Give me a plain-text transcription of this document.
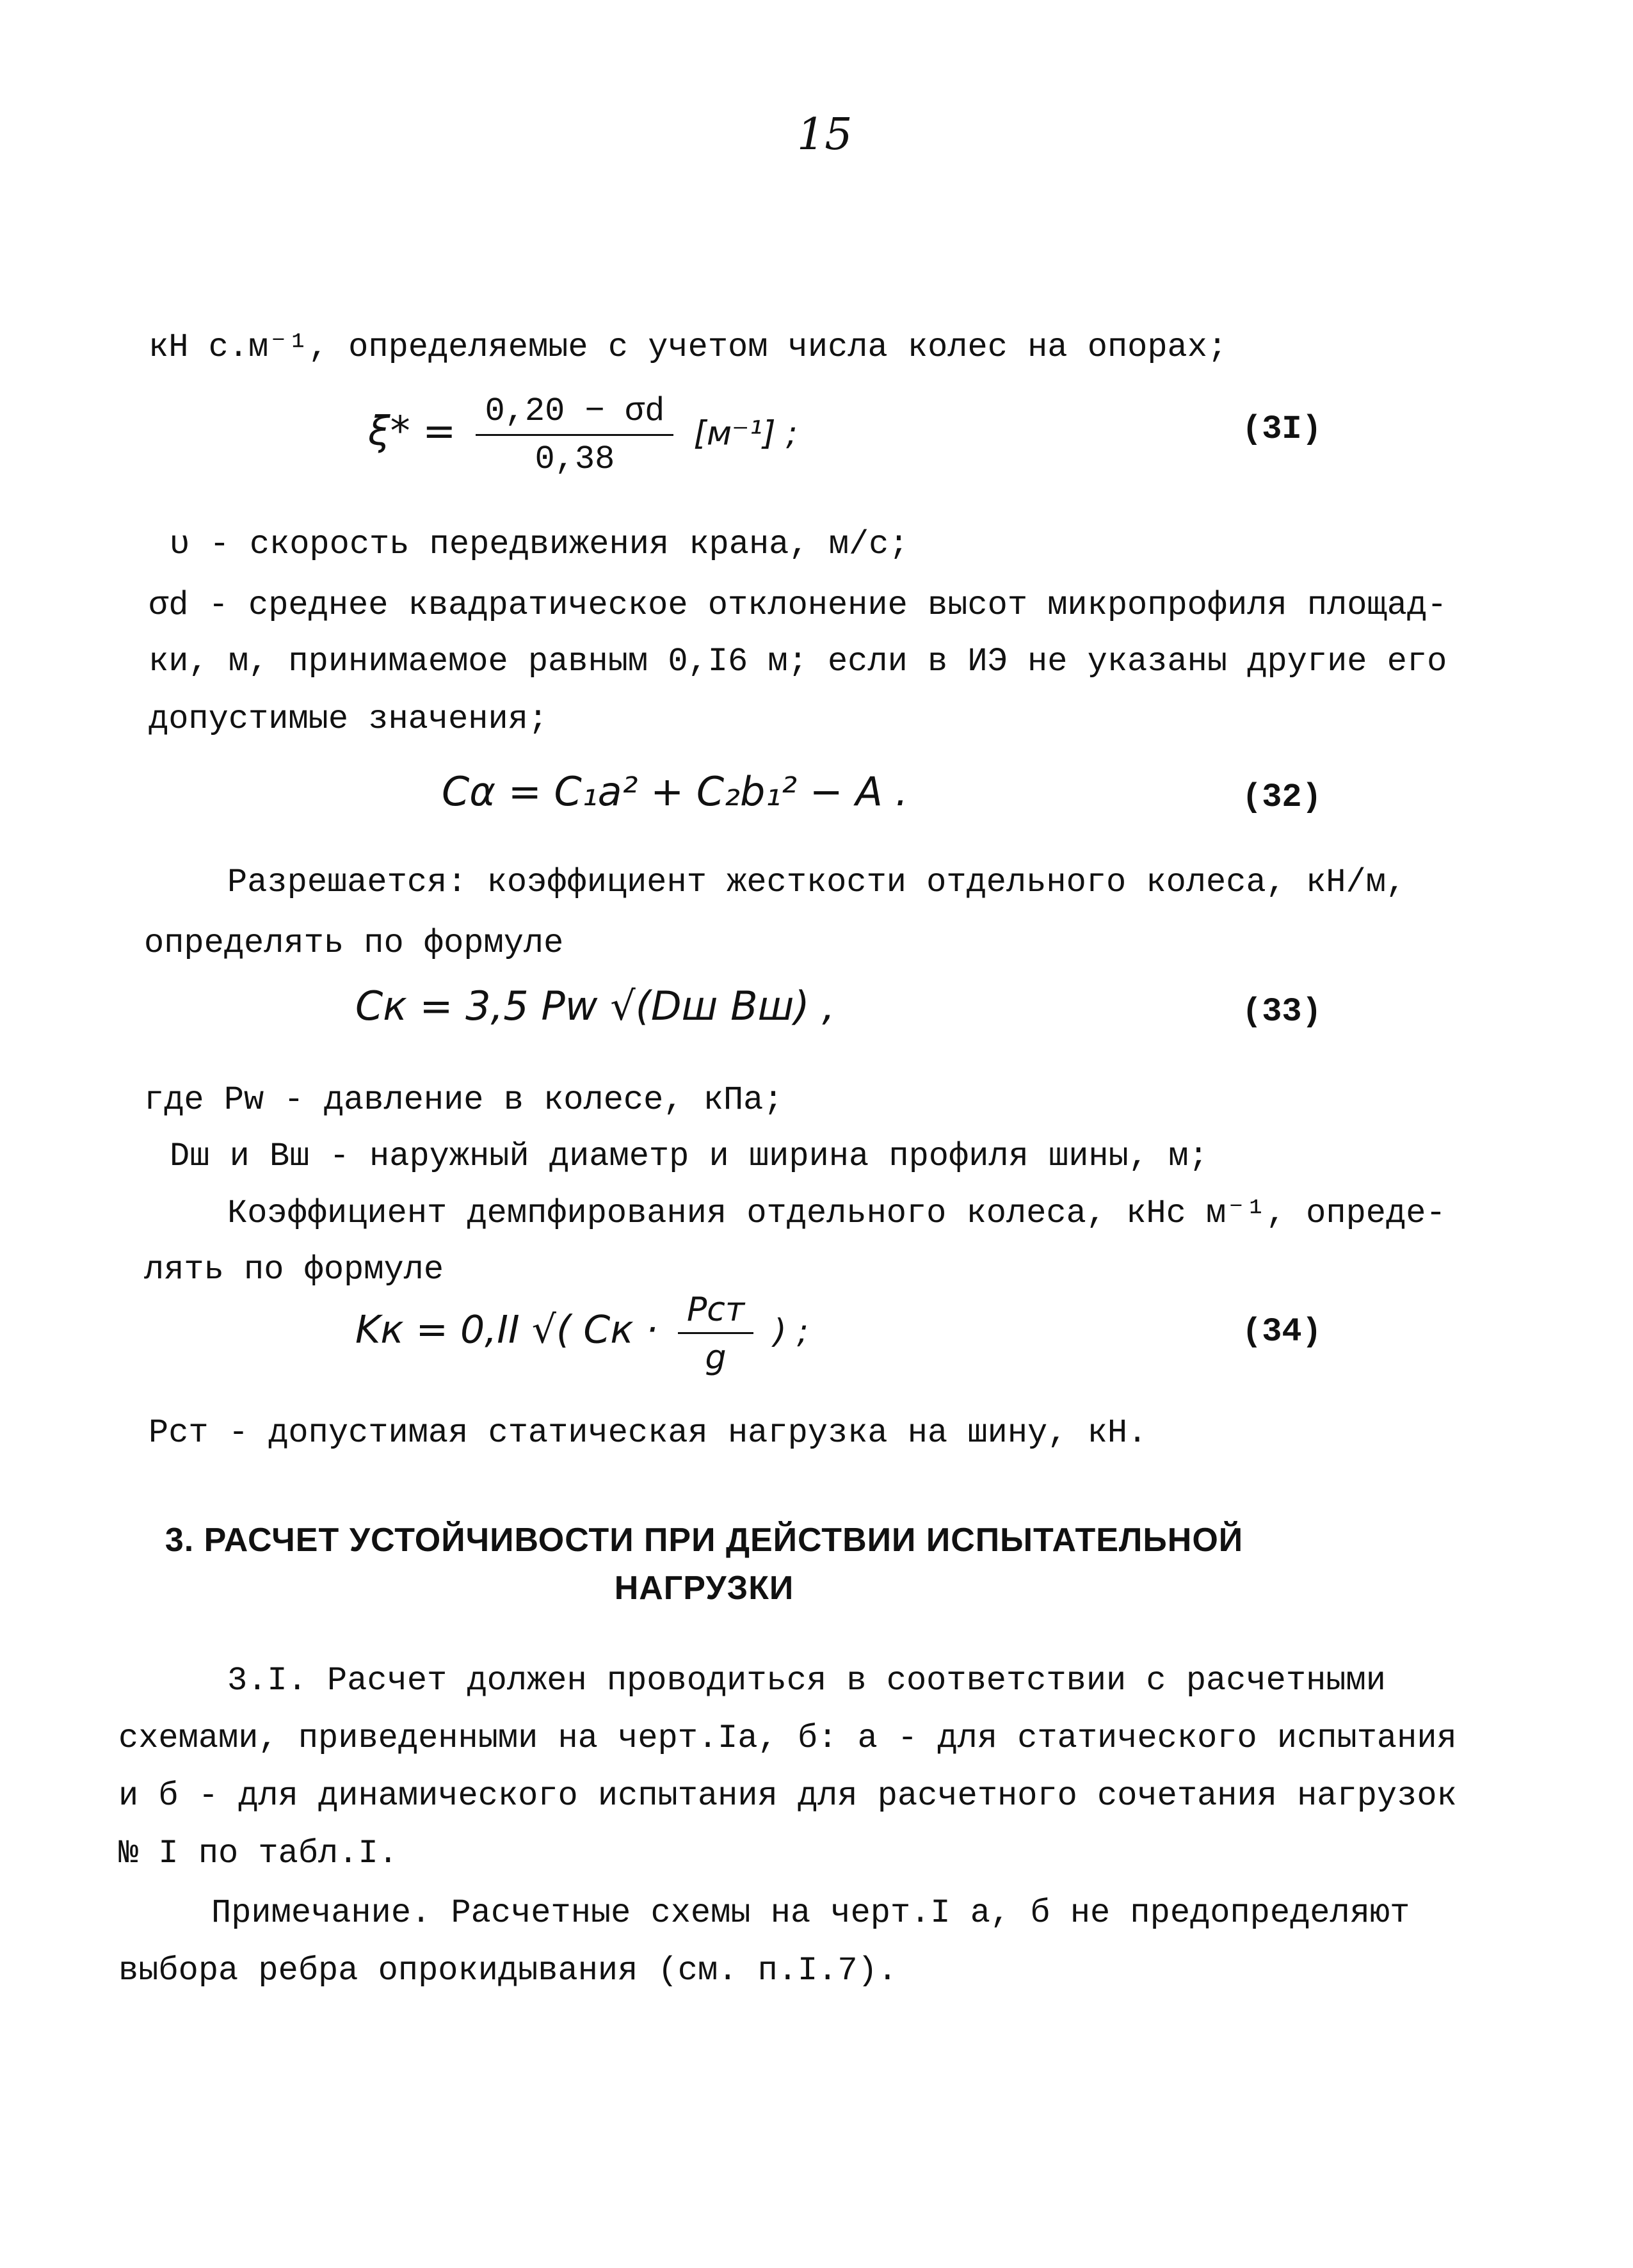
15
кН с.м⁻¹, определяемые с учетом числа колес на опорах;
$\xi* = \frac{0,20 - \sigma d}{0,38} [м^{-1}]$ ;	(3I)
υ - скорость передвижения крана, м/с;
σd - среднее квадратическое отклонение высот микропрофиля площад-
ки, м, принимаемое равным 0,I6 м; если в ИЭ не указаны другие его
допустимые значения;
Cα = C₁a² + C₂b₁² − A .	(32)
Разрешается: коэффициент жесткости отдельного колеса, кН/м,
определять по формуле
Cк = 3,5 Pw √(Dш Bш) ,	(33)
где Pw - давление в колесе, кПа;
Dш и Bш - наружный диаметр и ширина профиля шины, м;
Коэффициент демпфирования отдельного колеса, кНс м⁻¹, опреде-
лять по формуле
Kк = 0,II √( Cк · $\frac{\text{Pст}}{g}$ ) ;	(34)
Pст - допустимая статическая нагрузка на шину, кН.
3. РАСЧЕТ УСТОЙЧИВОСТИ ПРИ ДЕЙСТВИИ ИСПЫТАТЕЛЬНОЙ
НАГРУЗКИ
3.I. Расчет должен проводиться в соответствии с расчетными
схемами, приведенными на черт.Iа, б: а - для статического испытания
и б - для динамического испытания для расчетного сочетания нагрузок
№ I по табл.I.
Примечание. Расчетные схемы на черт.I а, б не предопределяют
выбора ребра опрокидывания (см. п.I.7).
